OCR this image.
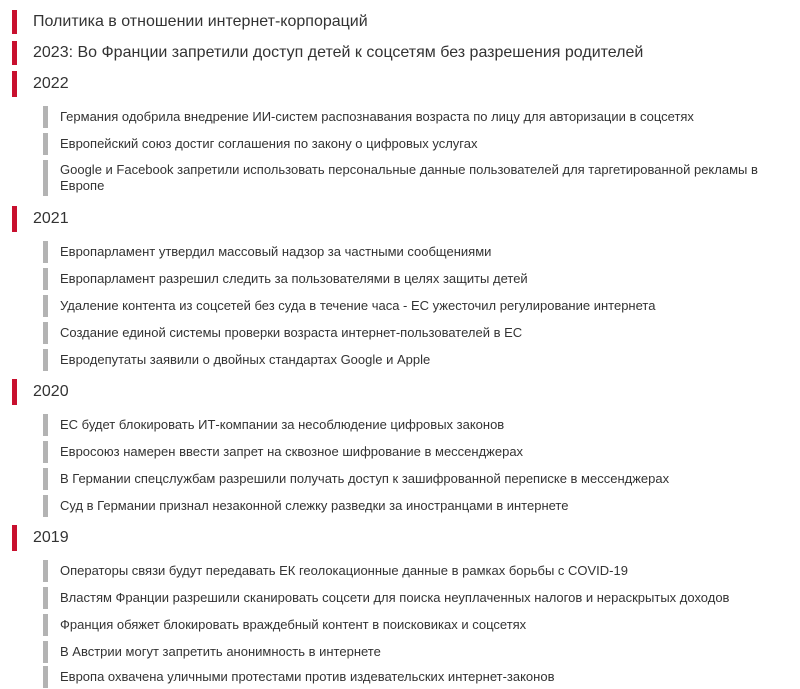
Политика в отношении интернет-корпораций
2023: Во Франции запретили доступ детей к соцсетям без разрешения родителей
2022
Германия одобрила внедрение ИИ-систем распознавания возраста по лицу для авторизации в соцсетях
Европейский союз достиг соглашения по закону о цифровых услугах
Google и Facebook запретили использовать персональные данные пользователей для таргетированной рекламы в Европе
2021
Европарламент утвердил массовый надзор за частными сообщениями
Европарламент разрешил следить за пользователями в целях защиты детей
Удаление контента из соцсетей без суда в течение часа - ЕС ужесточил регулирование интернета
Создание единой системы проверки возраста интернет-пользователей в ЕС
Евродепутаты заявили о двойных стандартах Google и Apple
2020
ЕС будет блокировать ИТ-компании за несоблюдение цифровых законов
Евросоюз намерен ввести запрет на сквозное шифрование в мессенджерах
В Германии спецслужбам разрешили получать доступ к зашифрованной переписке в мессенджерах
Суд в Германии признал незаконной слежку разведки за иностранцами в интернете
2019
Операторы связи будут передавать ЕК геолокационные данные в рамках борьбы с COVID-19
Властям Франции разрешили сканировать соцсети для поиска неуплаченных налогов и нераскрытых доходов
Франция обяжет блокировать враждебный контент в поисковиках и соцсетях
В Австрии могут запретить анонимность в интернете
Европа охвачена уличными протестами против издевательских интернет-законов
